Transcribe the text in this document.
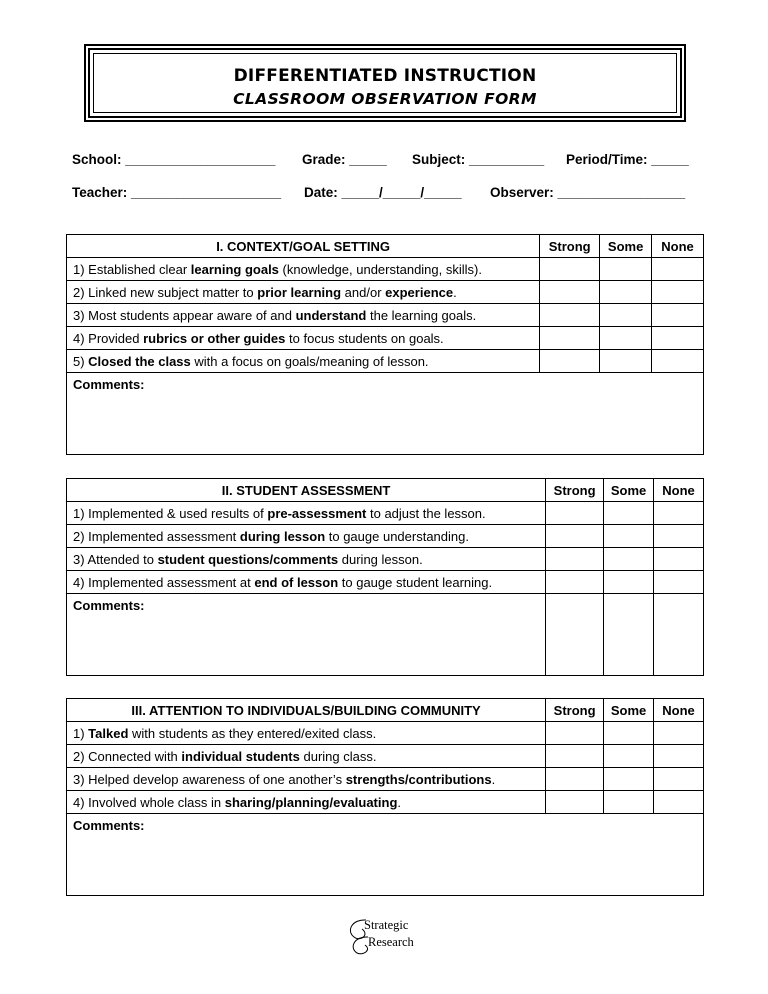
DIFFERENTIATED INSTRUCTION
CLASSROOM OBSERVATION FORM
School: ____________________ Grade: _____ Subject: __________ Period/Time: _____
Teacher: ____________________ Date: _____/_____/_____ Observer: _________________
I. CONTEXT/GOAL SETTING	Strong	Some	None
1) Established clear learning goals (knowledge, understanding, skills).			
2) Linked new subject matter to prior learning and/or experience.			
3) Most students appear aware of and understand the learning goals.			
4) Provided rubrics or other guides to focus students on goals.			
5) Closed the class with a focus on goals/meaning of lesson.			
Comments:			
II. STUDENT ASSESSMENT	Strong	Some	None
1) Implemented & used results of pre-assessment to adjust the lesson.			
2) Implemented assessment during lesson to gauge understanding.			
3) Attended to student questions/comments during lesson.			
4) Implemented assessment at end of lesson to gauge student learning.			
Comments:			
III. ATTENTION TO INDIVIDUALS/BUILDING COMMUNITY	Strong	Some	None
1) Talked with students as they entered/exited class.			
2) Connected with individual students during class.			
3) Helped develop awareness of one another’s strengths/contributions.			
4) Involved whole class in sharing/planning/evaluating.			
Comments:			
Strategic
Research
